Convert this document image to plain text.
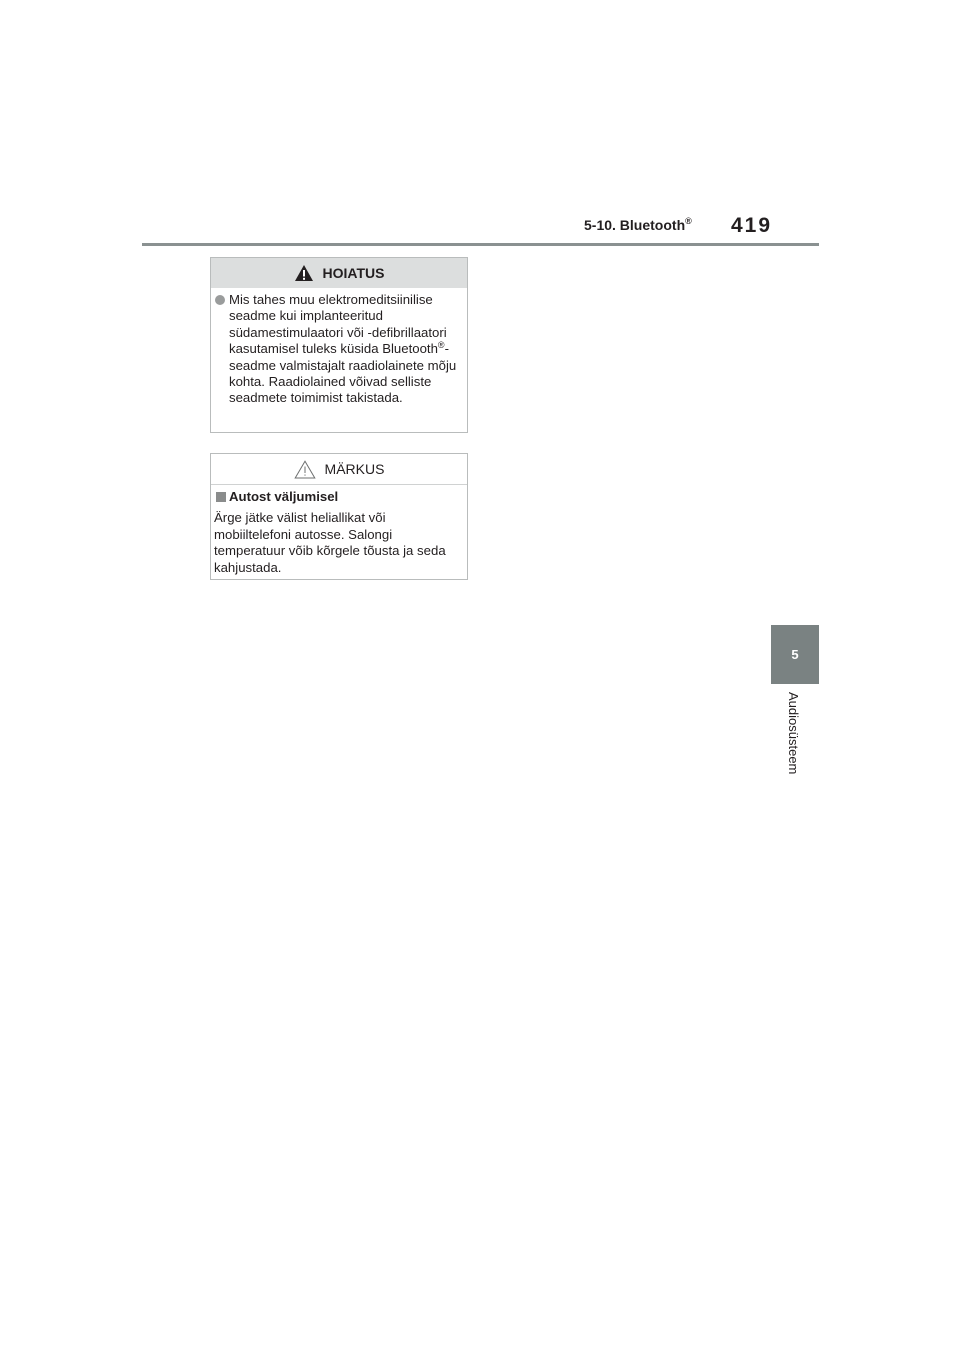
5-10. Bluetooth® 419
5
Audiosüsteem
HOIATUS
Mis tahes muu elektromeditsiinilise seadme kui implanteeritud südamestimulaatori või -defibrillaatori kasutamisel tuleks küsida Bluetooth®-seadme valmistajalt raadiolainete mõju kohta. Raadiolained võivad selliste seadmete toimimist takistada.
MÄRKUS
Autost väljumisel
Ärge jätke välist heliallikat või mobiiltelefoni autosse. Salongi temperatuur võib kõrgele tõusta ja seda kahjustada.
